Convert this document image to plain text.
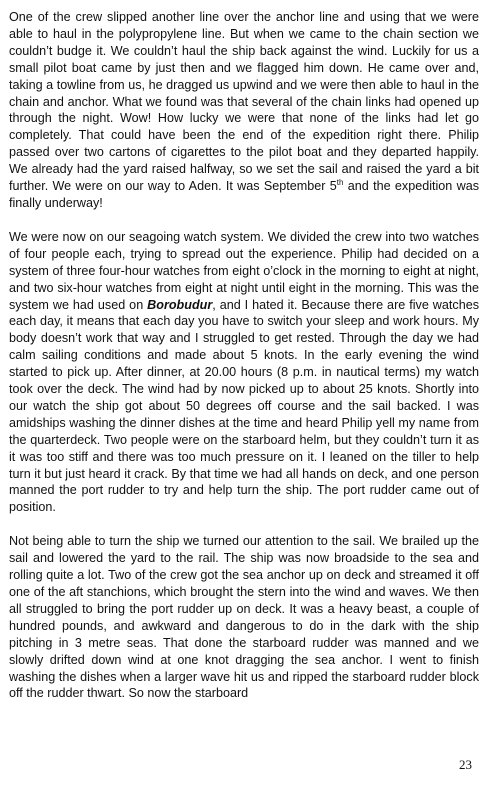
One of the crew slipped another line over the anchor line and using that we were able to haul in the polypropylene line. But when we came to the chain section we couldn’t budge it. We couldn’t haul the ship back against the wind. Luckily for us a small pilot boat came by just then and we flagged him down. He came over and, taking a towline from us, he dragged us upwind and we were then able to haul in the chain and anchor. What we found was that several of the chain links had opened up through the night. Wow! How lucky we were that none of the links had let go completely. That could have been the end of the expedition right there. Philip passed over two cartons of cigarettes to the pilot boat and they departed happily. We already had the yard raised halfway, so we set the sail and raised the yard a bit further. We were on our way to Aden. It was September 5th and the expedition was finally underway!

We were now on our seagoing watch system. We divided the crew into two watches of four people each, trying to spread out the experience. Philip had decided on a system of three four-hour watches from eight o’clock in the morning to eight at night, and two six-hour watches from eight at night until eight in the morning. This was the system we had used on Borobudur, and I hated it. Because there are five watches each day, it means that each day you have to switch your sleep and work hours. My body doesn’t work that way and I struggled to get rested. Through the day we had calm sailing conditions and made about 5 knots. In the early evening the wind started to pick up. After dinner, at 20.00 hours (8 p.m. in nautical terms) my watch took over the deck. The wind had by now picked up to about 25 knots. Shortly into our watch the ship got about 50 degrees off course and the sail backed. I was amidships washing the dinner dishes at the time and heard Philip yell my name from the quarterdeck. Two people were on the starboard helm, but they couldn’t turn it as it was too stiff and there was too much pressure on it. I leaned on the tiller to help turn it but just heard it crack. By that time we had all hands on deck, and one person manned the port rudder to try and help turn the ship. The port rudder came out of position.

Not being able to turn the ship we turned our attention to the sail. We brailed up the sail and lowered the yard to the rail. The ship was now broadside to the sea and rolling quite a lot. Two of the crew got the sea anchor up on deck and streamed it off one of the aft stanchions, which brought the stern into the wind and waves. We then all struggled to bring the port rudder up on deck. It was a heavy beast, a couple of hundred pounds, and awkward and dangerous to do in the dark with the ship pitching in 3 metre seas. That done the starboard rudder was manned and we slowly drifted down wind at one knot dragging the sea anchor. I went to finish washing the dishes when a larger wave hit us and ripped the starboard rudder block off the rudder thwart. So now the starboard

23
